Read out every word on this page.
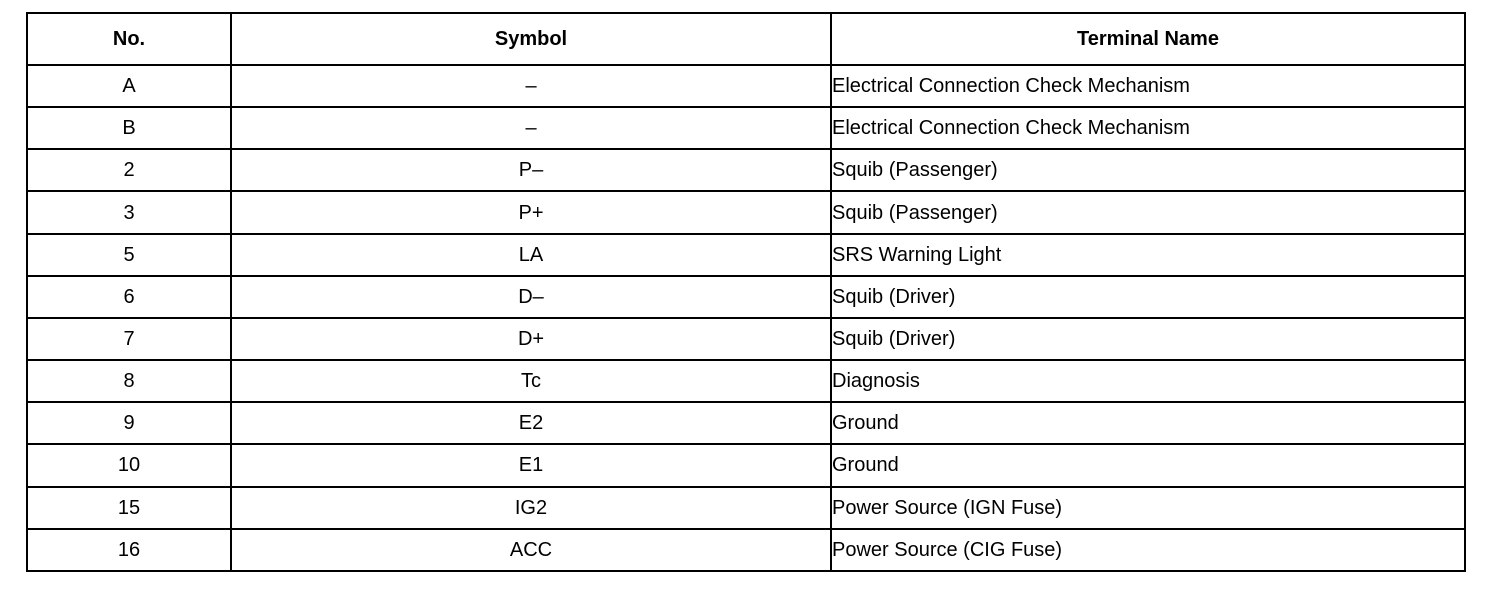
No.	Symbol	Terminal Name
A	–	Electrical Connection Check Mechanism
B	–	Electrical Connection Check Mechanism
2	P–	Squib (Passenger)
3	P+	Squib (Passenger)
5	LA	SRS Warning Light
6	D–	Squib (Driver)
7	D+	Squib (Driver)
8	Tc	Diagnosis
9	E2	Ground
10	E1	Ground
15	IG2	Power Source (IGN Fuse)
16	ACC	Power Source (CIG Fuse)
